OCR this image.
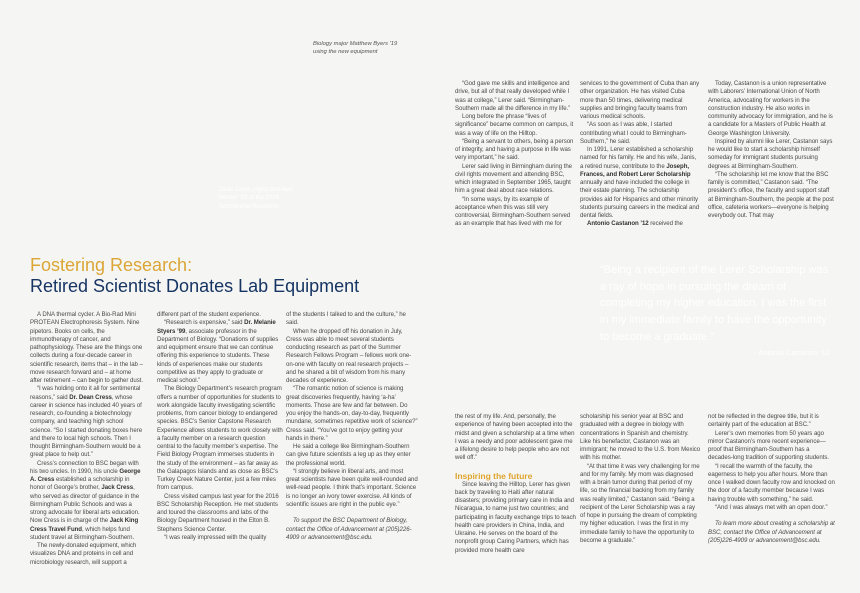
Biology major Matthew Byers '19
using the new equipment
Dean Cress (right) and Alex Becker '19 at the 2016 Scholarship Reception
Fostering Research:
Retired Scientist Donates Lab Equipment

A DNA thermal cycler. A Bio-Rad Mini PROTEAN Electrophoresis System. Nine pipetors. Books on cells, the immunotherapy of cancer, and pathophysiology. These are the things one collects during a four-decade career in scientific research, items that – in the lab – move research forward and – at home after retirement – can begin to gather dust.

“I was holding onto it all for sentimental reasons,” said Dr. Dean Cress, whose career in science has included 40 years of research, co-founding a biotechnology company, and teaching high school science. “So I started donating boxes here and there to local high schools. Then I thought Birmingham-Southern would be a great place to help out.”

Cress’s connection to BSC began with his two uncles. In 1990, his uncle George A. Cress established a scholarship in honor of George’s brother, Jack Cress, who served as director of guidance in the Birmingham Public Schools and was a strong advocate for liberal arts education. Now Cress is in charge of the Jack King Cress Travel Fund, which helps fund student travel at Birmingham-Southern.

The newly-donated equipment, which visualizes DNA and proteins in cell and microbiology research, will support a

different part of the student experience.

“Research is expensive,” said Dr. Melanie Styers ’99, associate professor in the Department of Biology. “Donations of supplies and equipment ensure that we can continue offering this experience to students. These kinds of experiences make our students competitive as they apply to graduate or medical school.”

The Biology Department’s research program offers a number of opportunities for students to work alongside faculty investigating scientific problems, from cancer biology to endangered species. BSC’s Senior Capstone Research Experience allows students to work closely with a faculty member on a research question central to the faculty member’s expertise. The Field Biology Program immerses students in the study of the environment – as far away as the Galapagos Islands and as close as BSC’s Turkey Creek Nature Center, just a few miles from campus.

Cress visited campus last year for the 2016 BSC Scholarship Reception. He met students and toured the classrooms and labs of the Biology Department housed in the Elton B. Stephens Science Center.

“I was really impressed with the quality

of the students I talked to and the culture,” he said.

When he dropped off his donation in July, Cress was able to meet several students conducting research as part of the Summer Research Fellows Program – fellows work one-on-one with faculty on real research projects – and he shared a bit of wisdom from his many decades of experience.

“The romantic notion of science is making great discoveries frequently, having ‘a-ha’ moments. Those are few and far between. Do you enjoy the hands-on, day-to-day, frequently mundane, sometimes repetitive work of science?” Cress said. “You’ve got to enjoy getting your hands in there.”

He said a college like Birmingham-Southern can give future scientists a leg up as they enter the professional world.

“I strongly believe in liberal arts, and most great scientists have been quite well-rounded and well-read people. I think that’s important. Science is no longer an ivory tower exercise. All kinds of scientific issues are right in the public eye.”

To support the BSC Department of Biology, contact the Office of Advancement at (205)226-4909 or advancement@bsc.edu.

“God gave me skills and intelligence and drive, but all of that really developed while I was at college,” Lerer said. “Birmingham-Southern made all the difference in my life.”

Long before the phrase “lives of significance” became common on campus, it was a way of life on the Hilltop.

“Being a servant to others, being a person of integrity, and having a purpose in life was very important,” he said.

Lerer said living in Birmingham during the civil rights movement and attending BSC, which integrated in September 1965, taught him a great deal about race relations.

“In some ways, by its example of acceptance when this was still very controversial, Birmingham-Southern served as an example that has lived with me for

services to the government of Cuba than any other organization. He has visited Cuba more than 50 times, delivering medical supplies and bringing faculty teams from various medical schools.

“As soon as I was able, I started contributing what I could to Birmingham-Southern,” he said.

In 1991, Lerer established a scholarship named for his family. He and his wife, Janis, a retired nurse, contribute to the Joseph, Frances, and Robert Lerer Scholarship annually and have included the college in their estate planning. The scholarship provides aid for Hispanics and other minority students pursuing careers in the medical and dental fields.

Antonio Castanon ’12 received the

Today, Castanon is a union representative with Laborers’ International Union of North America, advocating for workers in the construction industry. He also works in community advocacy for immigration, and he is a candidate for a Masters of Public Health at George Washington University.

Inspired by alumni like Lerer, Castanon says he would like to start a scholarship himself someday for immigrant students pursuing degrees at Birmingham-Southern.

“The scholarship let me know that the BSC family is committed,” Castanon said. “The president’s office, the faculty and support staff at Birmingham-Southern, the people at the post office, cafeteria workers—everyone is helping everybody out. That may

“Being a recipient of the Lerer Scholarship was a ray of hope in pursuing the dream of completing my higher education. I was the first in my immediate family to have the opportunity to become a graduate.”
- Antonio Castanon ’12

the rest of my life. And, personally, the experience of having been accepted into the midst and given a scholarship at a time when I was a needy and poor adolescent gave me a lifelong desire to help people who are not well off.”

Inspiring the future

Since leaving the Hilltop, Lerer has given back by traveling to Haiti after natural disasters; providing primary care in India and Nicaragua, to name just two countries; and participating in faculty exchange trips to teach health care providers in China, India, and Ukraine. He serves on the board of the nonprofit group Caring Partners, which has provided more health care

scholarship his senior year at BSC and graduated with a degree in biology with concentrations in Spanish and chemistry. Like his benefactor, Castanon was an immigrant; he moved to the U.S. from Mexico with his mother.

“At that time it was very challenging for me and for my family. My mom was diagnosed with a brain tumor during that period of my life, so the financial backing from my family was really limited,” Castanon said. “Being a recipient of the Lerer Scholarship was a ray of hope in pursuing the dream of completing my higher education. I was the first in my immediate family to have the opportunity to become a graduate.”

not be reflected in the degree title, but it is certainly part of the education at BSC.”

Lerer’s own memories from 50 years ago mirror Castanon’s more recent experience—proof that Birmingham-Southern has a decades-long tradition of supporting students.

“I recall the warmth of the faculty, the eagerness to help you after hours. More than once I walked down faculty row and knocked on the door of a faculty member because I was having trouble with something,” he said.

“And I was always met with an open door.”

To learn more about creating a scholarship at BSC, contact the Office of Advancement at (205)226-4909 or advancement@bsc.edu.
